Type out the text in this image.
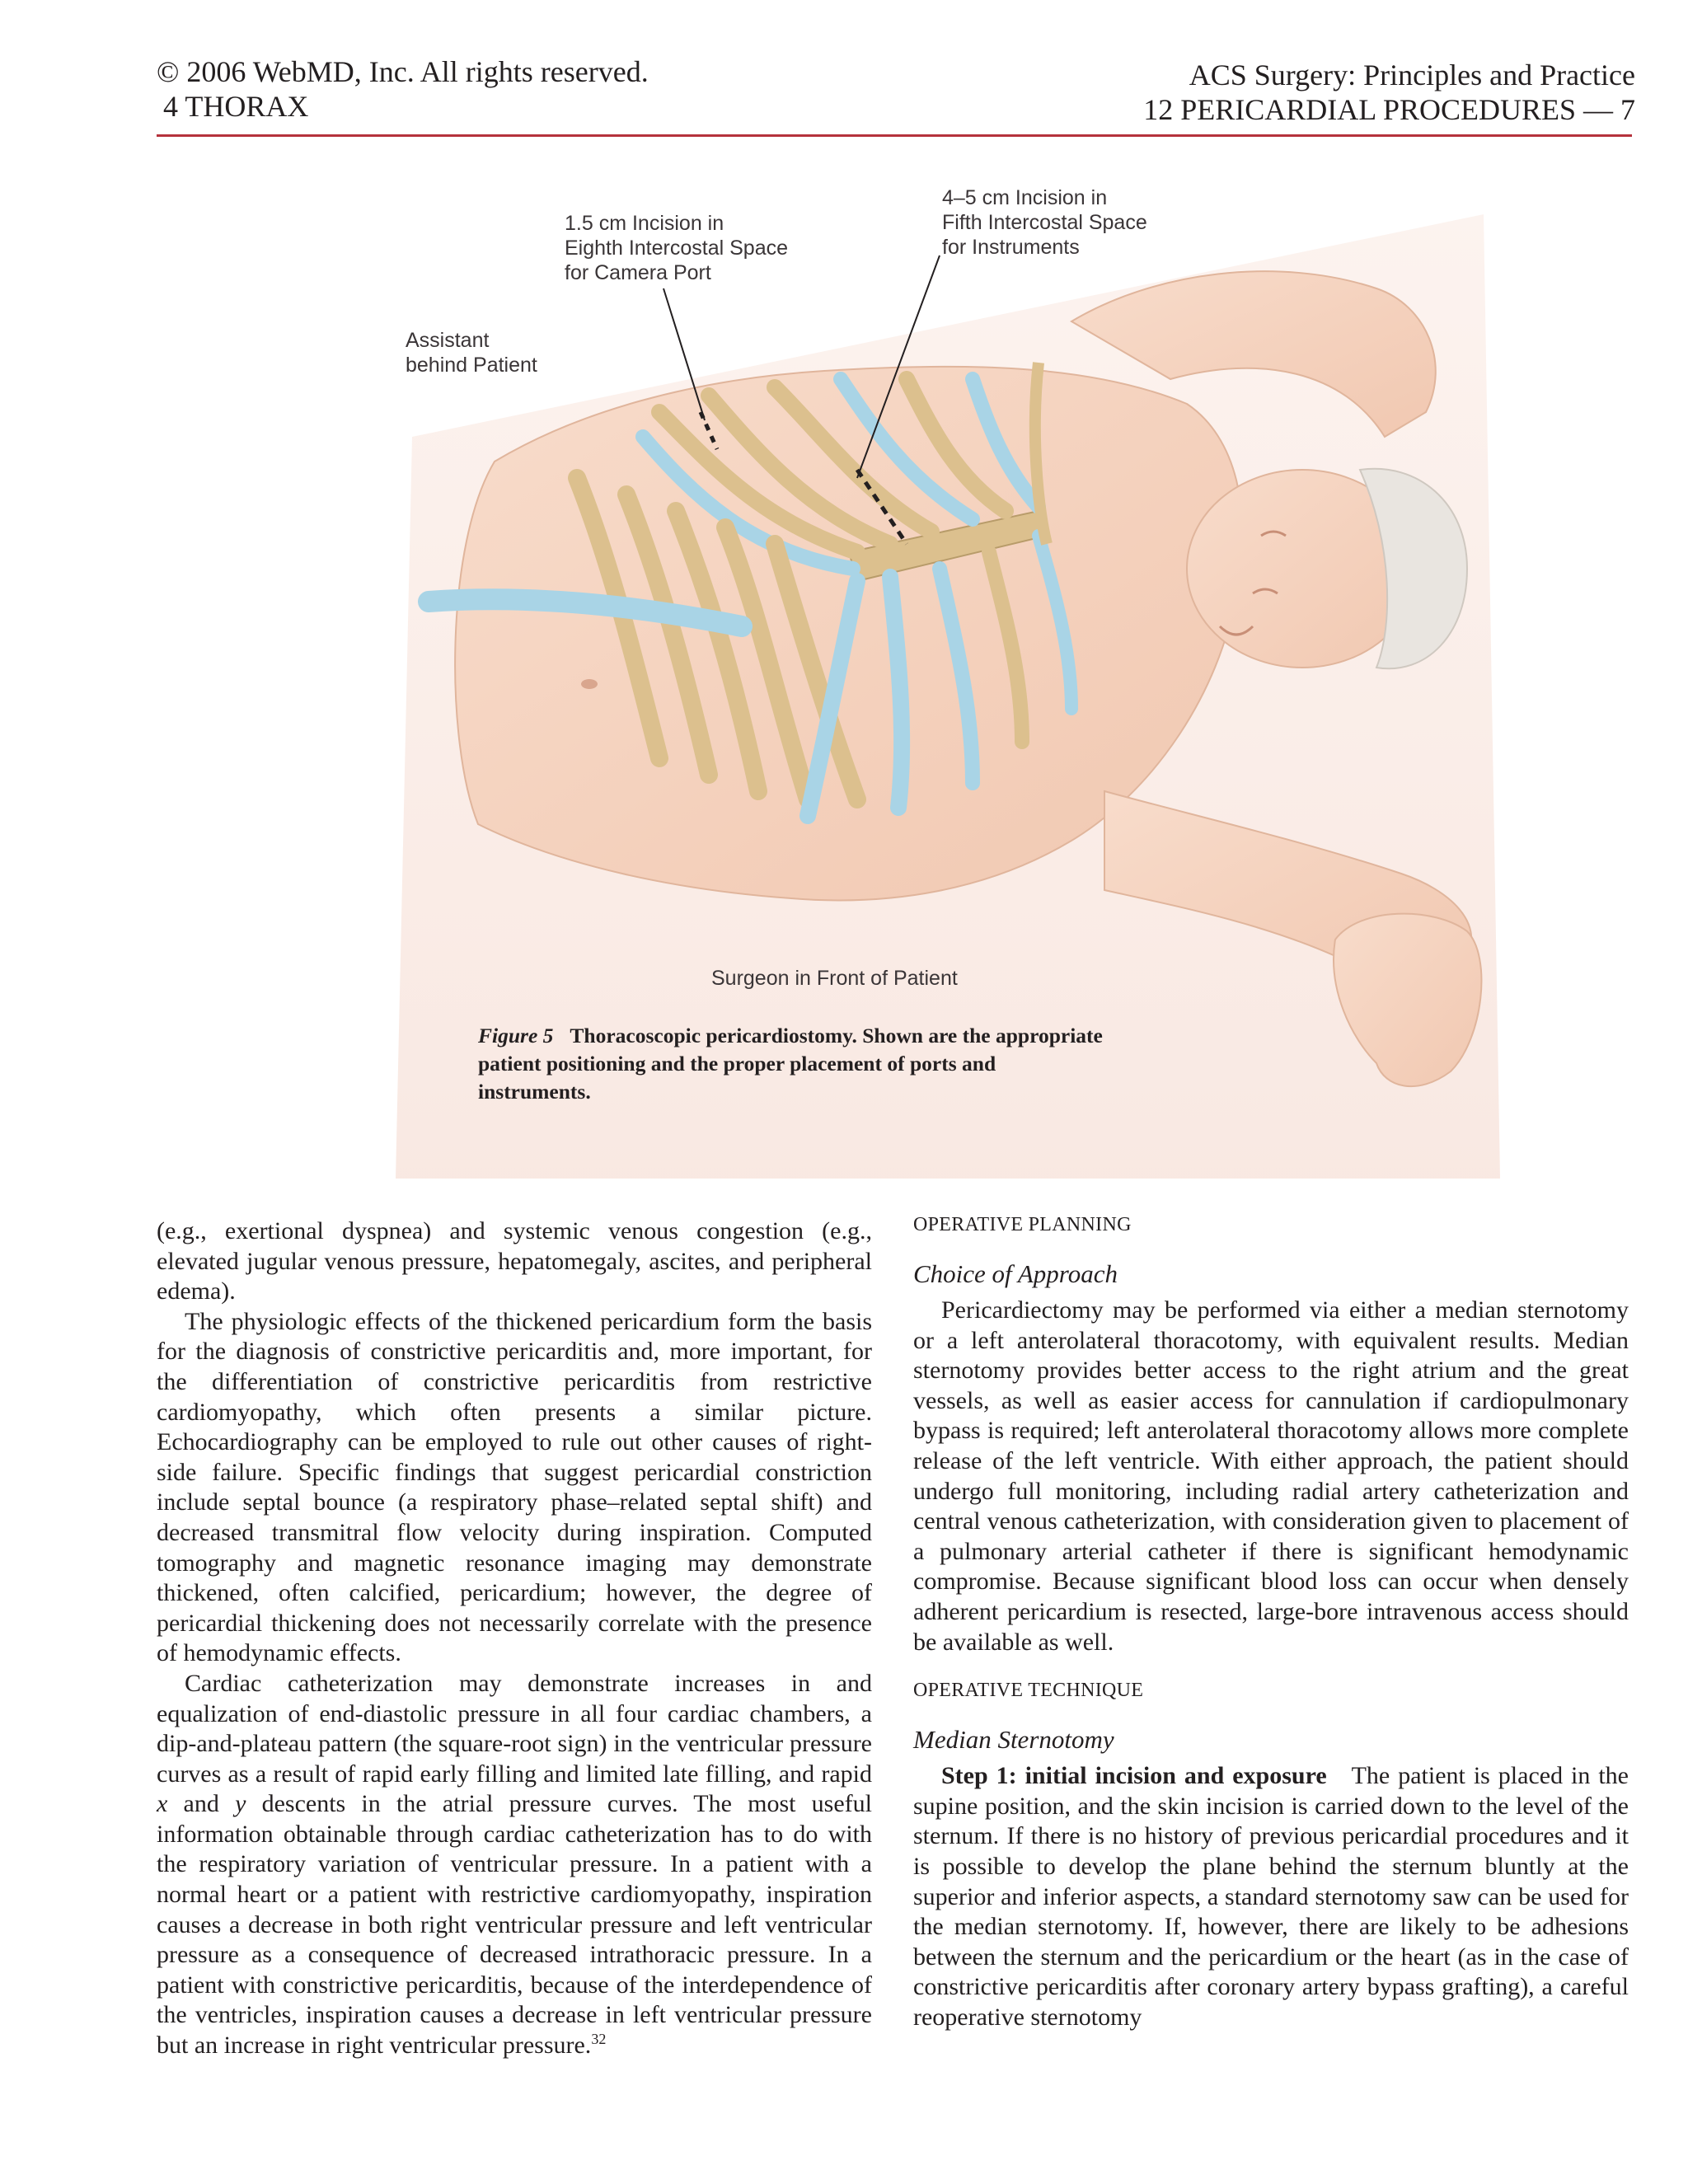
© 2006 WebMD, Inc. All rights reserved.
4 THORAX
ACS Surgery: Principles and Practice
12 PERICARDIAL PROCEDURES — 7
1.5 cm Incision in
Eighth Intercostal Space
for Camera Port
4–5 cm Incision in
Fifth Intercostal Space
for Instruments
Assistant
behind Patient
Surgeon in Front of Patient
Figure 5 Thoracoscopic pericardiostomy. Shown are the appropriate patient positioning and the proper placement of ports and instruments.

(e.g., exertional dyspnea) and systemic venous congestion (e.g., elevated jugular venous pressure, hepatomegaly, ascites, and peripheral edema).

The physiologic effects of the thickened pericardium form the basis for the diagnosis of constrictive pericarditis and, more important, for the differentiation of constrictive pericarditis from restrictive cardiomyopathy, which often presents a similar picture. Echocardiography can be employed to rule out other causes of right-side failure. Specific findings that suggest pericardial constriction include septal bounce (a respiratory phase–related septal shift) and decreased transmitral flow velocity during inspiration. Computed tomography and magnetic resonance imaging may demonstrate thickened, often calcified, pericardium; however, the degree of pericardial thickening does not necessarily correlate with the presence of hemodynamic effects.

Cardiac catheterization may demonstrate increases in and equalization of end-diastolic pressure in all four cardiac chambers, a dip-and-plateau pattern (the square-root sign) in the ventricular pressure curves as a result of rapid early filling and limited late filling, and rapid x and y descents in the atrial pressure curves. The most useful information obtainable through cardiac catheterization has to do with the respiratory variation of ventricular pressure. In a patient with a normal heart or a patient with restrictive cardiomyopathy, inspiration causes a decrease in both right ventricular pressure and left ventricular pressure as a consequence of decreased intrathoracic pressure. In a patient with constrictive pericarditis, because of the interdependence of the ventricles, inspiration causes a decrease in left ventricular pressure but an increase in right ventricular pressure.$^{32}$

OPERATIVE PLANNING

Choice of Approach

Pericardiectomy may be performed via either a median sternotomy or a left anterolateral thoracotomy, with equivalent results. Median sternotomy provides better access to the right atrium and the great vessels, as well as easier access for cannulation if cardiopulmonary bypass is required; left anterolateral thoracotomy allows more complete release of the left ventricle. With either approach, the patient should undergo full monitoring, including radial artery catheterization and central venous catheterization, with consideration given to placement of a pulmonary arterial catheter if there is significant hemodynamic compromise. Because significant blood loss can occur when densely adherent pericardium is resected, large-bore intravenous access should be available as well.

OPERATIVE TECHNIQUE

Median Sternotomy

Step 1: initial incision and exposure The patient is placed in the supine position, and the skin incision is carried down to the level of the sternum. If there is no history of previous pericardial procedures and it is possible to develop the plane behind the sternum bluntly at the superior and inferior aspects, a standard sternotomy saw can be used for the median sternotomy. If, however, there are likely to be adhesions between the sternum and the pericardium or the heart (as in the case of constrictive pericarditis after coronary artery bypass grafting), a careful reoperative sternotomy
